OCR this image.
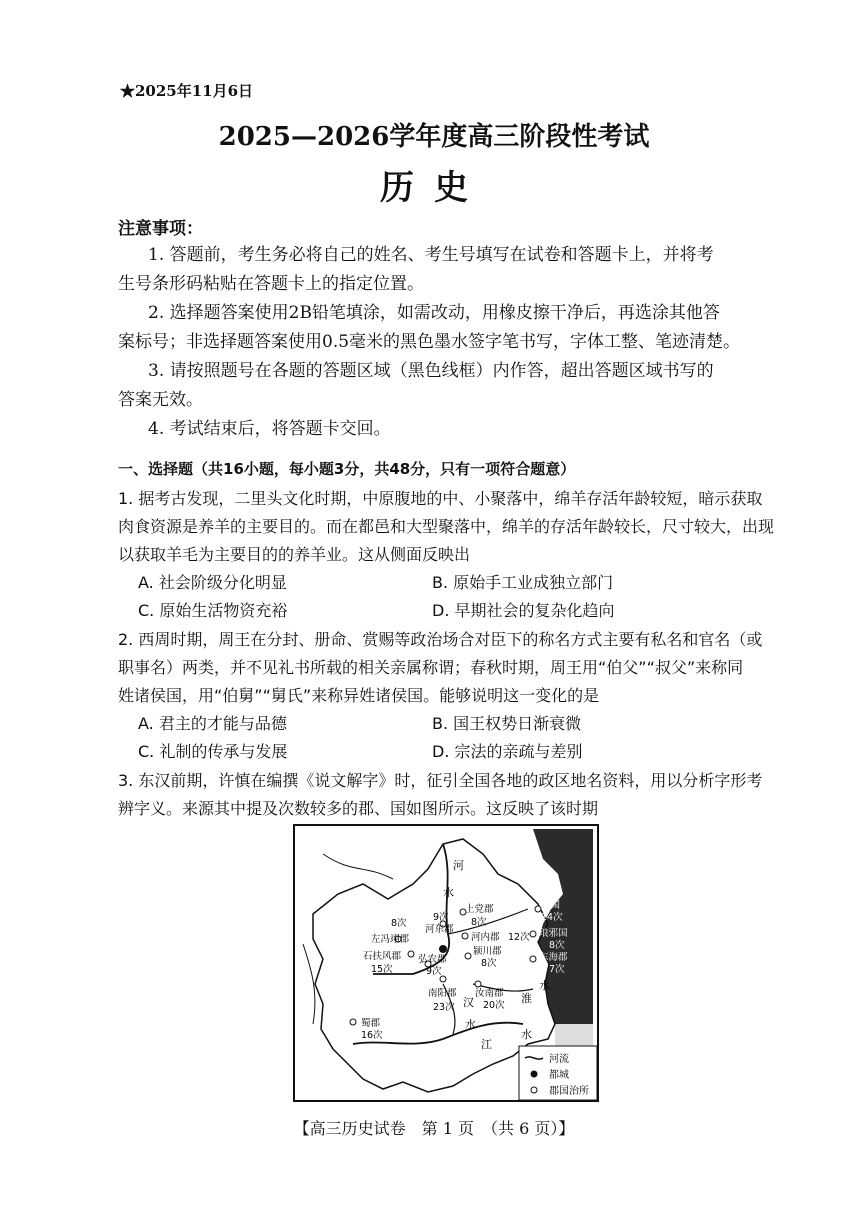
★2025年11月6日
2025—2026学年度高三阶段性考试
历史
注意事项：
1. 答题前，考生务必将自己的姓名、考生号填写在试卷和答题卡上，并将考
生号条形码粘贴在答题卡上的指定位置。
2. 选择题答案使用2B铅笔填涂，如需改动，用橡皮擦干净后，再选涂其他答
案标号；非选择题答案使用0.5毫米的黑色墨水签字笔书写，字体工整、笔迹清楚。
3. 请按照题号在各题的答题区域（黑色线框）内作答，超出答题区域书写的
答案无效。
4. 考试结束后，将答题卡交回。
一、选择题（共16小题，每小题3分，共48分，只有一项符合题意）
1. 据考古发现，二里头文化时期，中原腹地的中、小聚落中，绵羊存活年龄较短，暗示获取
肉食资源是养羊的主要目的。而在都邑和大型聚落中，绵羊的存活年龄较长，尺寸较大，出现
以获取羊毛为主要目的的养羊业。这从侧面反映出
A. 社会阶级分化明显	B. 原始手工业成独立部门
C. 原始生活物资充裕	D. 早期社会的复杂化趋向
2. 西周时期，周王在分封、册命、赏赐等政治场合对臣下的称名方式主要有私名和官名（或
职事名）两类，并不见礼书所载的相关亲属称谓；春秋时期，周王用“伯父”“叔父”来称同
姓诸侯国，用“伯舅”“舅氏”来称异姓诸侯国。能够说明这一变化的是
A. 君主的才能与品德	B. 国王权势日渐衰微
C. 礼制的传承与发展	D. 宗法的亲疏与差别
3. 东汉前期，许慎在编撰《说文解字》时，征引全国各地的政区地名资料，用以分析字形考
辨字义。来源其中提及次数较多的郡、国如图所示。这反映了该时期
河
水
汉
水
淮
水
江
水
左冯翊郡
8次
石扶风郡
15次
河东郡
9次
上党郡
8次
河内郡 12次
弘农郡
9次
颍川郡
8次
南阳郡
23次
汝南郡
20次
蜀郡
16次
齐国
14次
琅邪国
8次
东海郡
7次
河流
都城
郡国治所
【高三历史试卷　第 1 页　（共 6 页）】
